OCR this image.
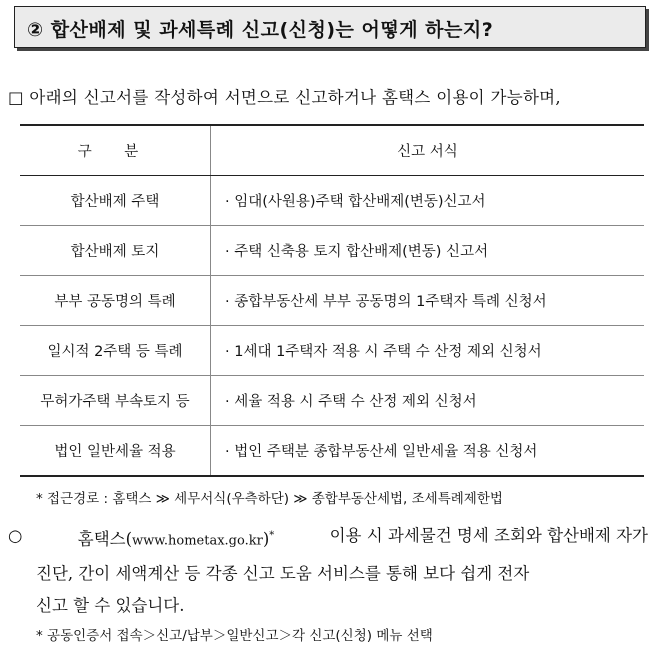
② 합산배제 및 과세특례 신고(신청)는 어떻게 하는지?
□ 아래의 신고서를 작성하여 서면으로 신고하거나 홈택스 이용이 가능하며,
구 분	신고 서식
합산배제 주택	· 임대(사원용)주택 합산배제(변동)신고서
합산배제 토지	· 주택 신축용 토지 합산배제(변동) 신고서
부부 공동명의 특례	· 종합부동산세 부부 공동명의 1주택자 특례 신청서
일시적 2주택 등 특례	· 1세대 1주택자 적용 시 주택 수 산정 제외 신청서
무허가주택 부속토지 등	· 세율 적용 시 주택 수 산정 제외 신청서
법인 일반세율 적용	· 법인 주택분 종합부동산세 일반세율 적용 신청서
* 접근경로 : 홈택스 ≫ 세무서식(우측하단) ≫ 종합부동산세법, 조세특례제한법
○	홈택스(www.hometax.go.kr)*	이용 시 과세물건 명세 조회와 합산배제 자가
진단, 간이 세액계산 등 각종 신고 도움 서비스를 통해 보다 쉽게 전자
신고 할 수 있습니다.
* 공동인증서 접속＞신고/납부＞일반신고＞각 신고(신청) 메뉴 선택
